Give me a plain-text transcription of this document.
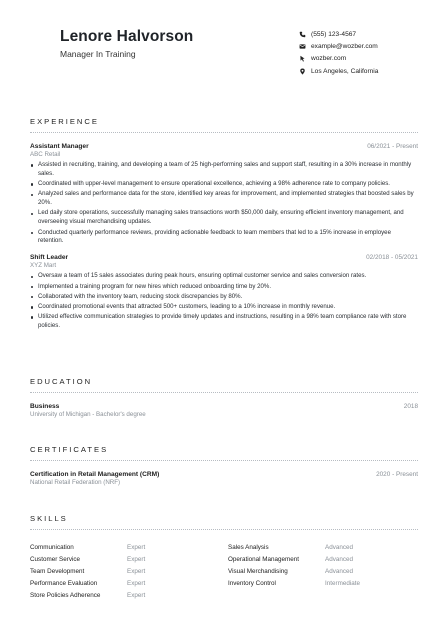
Lenore Halvorson
Manager In Training
(555) 123-4567
example@wozber.com
wozber.com
Los Angeles, California
EXPERIENCE
Assistant Manager	06/2021 - Present
ABC Retail
Assisted in recruiting, training, and developing a team of 25 high-performing sales and support staff, resulting in a 30% increase in monthly sales.
Coordinated with upper-level management to ensure operational excellence, achieving a 98% adherence rate to company policies.
Analyzed sales and performance data for the store, identified key areas for improvement, and implemented strategies that boosted sales by 20%.
Led daily store operations, successfully managing sales transactions worth $50,000 daily, ensuring efficient inventory management, and overseeing visual merchandising updates.
Conducted quarterly performance reviews, providing actionable feedback to team members that led to a 15% increase in employee retention.
Shift Leader	02/2018 - 05/2021
XYZ Mart
Oversaw a team of 15 sales associates during peak hours, ensuring optimal customer service and sales conversion rates.
Implemented a training program for new hires which reduced onboarding time by 20%.
Collaborated with the inventory team, reducing stock discrepancies by 80%.
Coordinated promotional events that attracted 500+ customers, leading to a 10% increase in monthly revenue.
Utilized effective communication strategies to provide timely updates and instructions, resulting in a 98% team compliance rate with store policies.
EDUCATION
Business	2018
University of Michigan - Bachelor's degree
CERTIFICATES
Certification in Retail Management (CRM)	2020 - Present
National Retail Federation (NRF)
SKILLS
Communication	Expert	Sales Analysis	Advanced
Customer Service	Expert	Operational Management	Advanced
Team Development	Expert	Visual Merchandising	Advanced
Performance Evaluation	Expert	Inventory Control	Intermediate
Store Policies Adherence	Expert
